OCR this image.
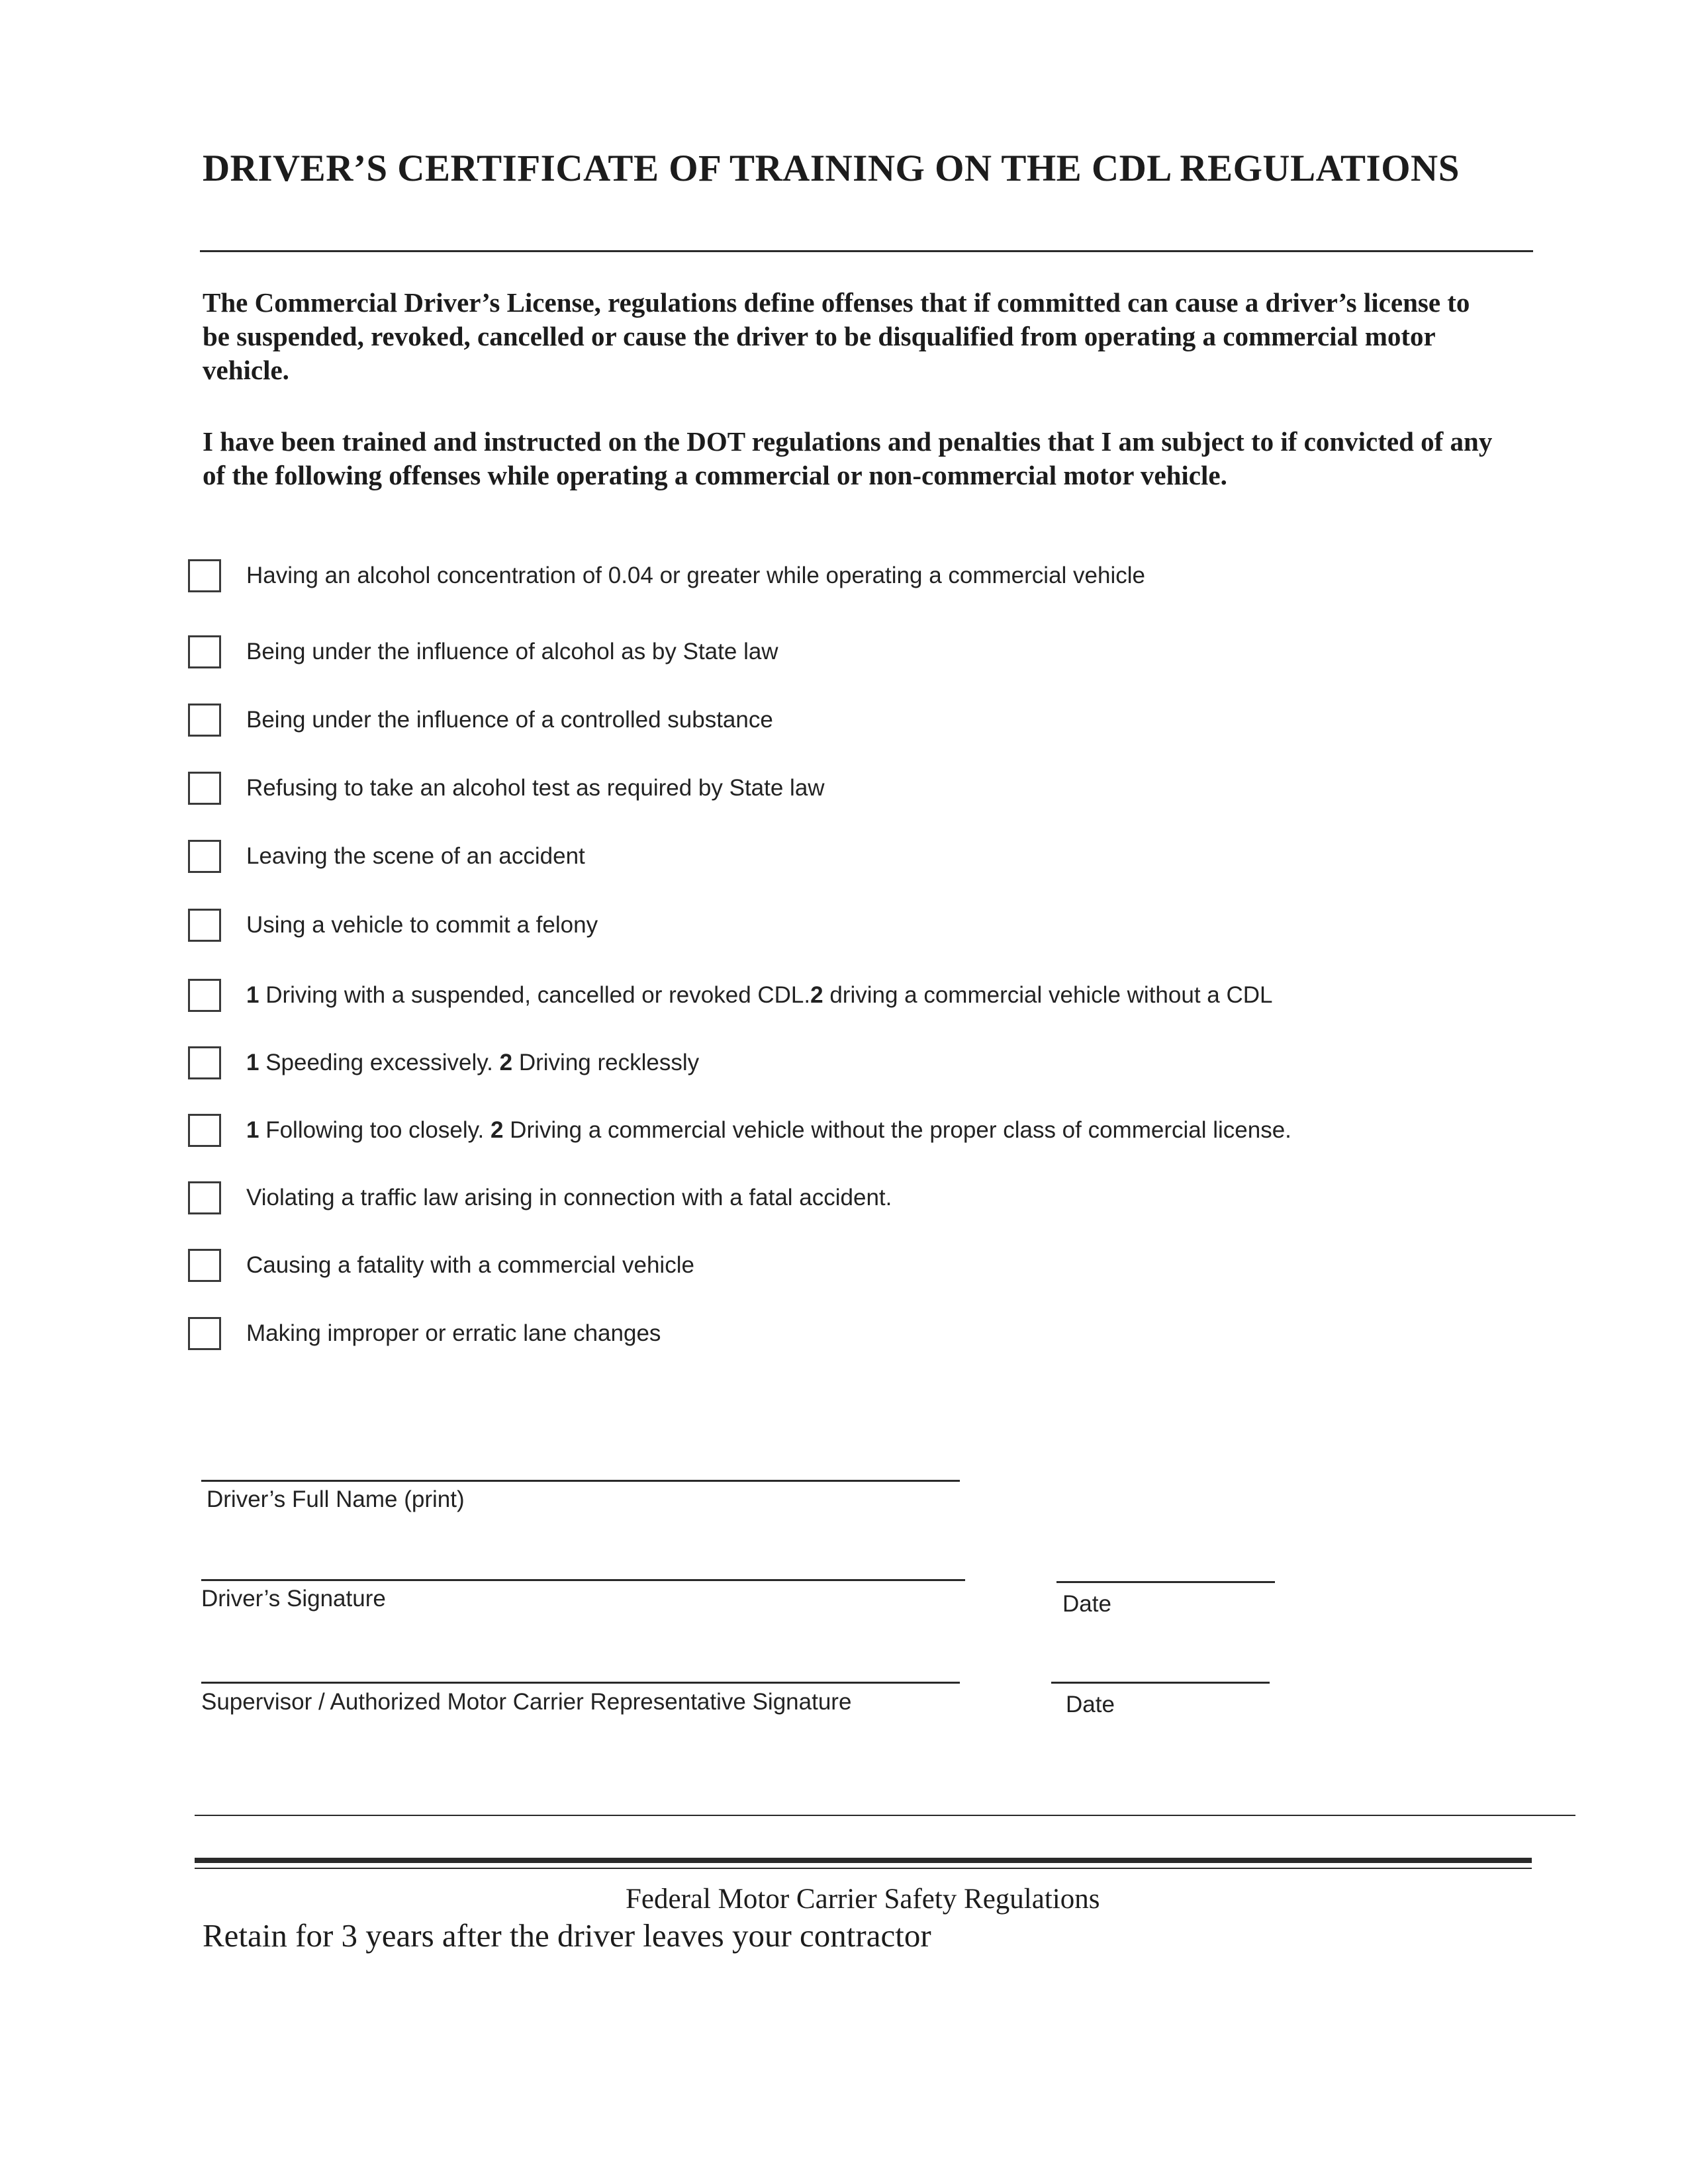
DRIVER’S CERTIFICATE OF TRAINING ON THE CDL REGULATIONS

The Commercial Driver’s License, regulations define offenses that if committed can cause a driver’s license to be suspended, revoked, cancelled or cause the driver to be disqualified from operating a commercial motor vehicle.

I have been trained and instructed on the DOT regulations and penalties that I am subject to if convicted of any of the following offenses while operating a commercial or non-commercial motor vehicle.

Having an alcohol concentration of 0.04 or greater while operating a commercial vehicle
Being under the influence of alcohol as by State law
Being under the influence of a controlled substance
Refusing to take an alcohol test as required by State law
Leaving the scene of an accident
Using a vehicle to commit a felony
1 Driving with a suspended, cancelled or revoked CDL.2 driving a commercial vehicle without a CDL
1 Speeding excessively. 2 Driving recklessly
1 Following too closely. 2 Driving a commercial vehicle without the proper class of commercial license.
Violating a traffic law arising in connection with a fatal accident.
Causing a fatality with a commercial vehicle
Making improper or erratic lane changes
Driver’s Full Name (print)
Driver’s Signature	Date
Supervisor / Authorized Motor Carrier Representative Signature	Date
Federal Motor Carrier Safety Regulations
Retain for 3 years after the driver leaves your contractor
